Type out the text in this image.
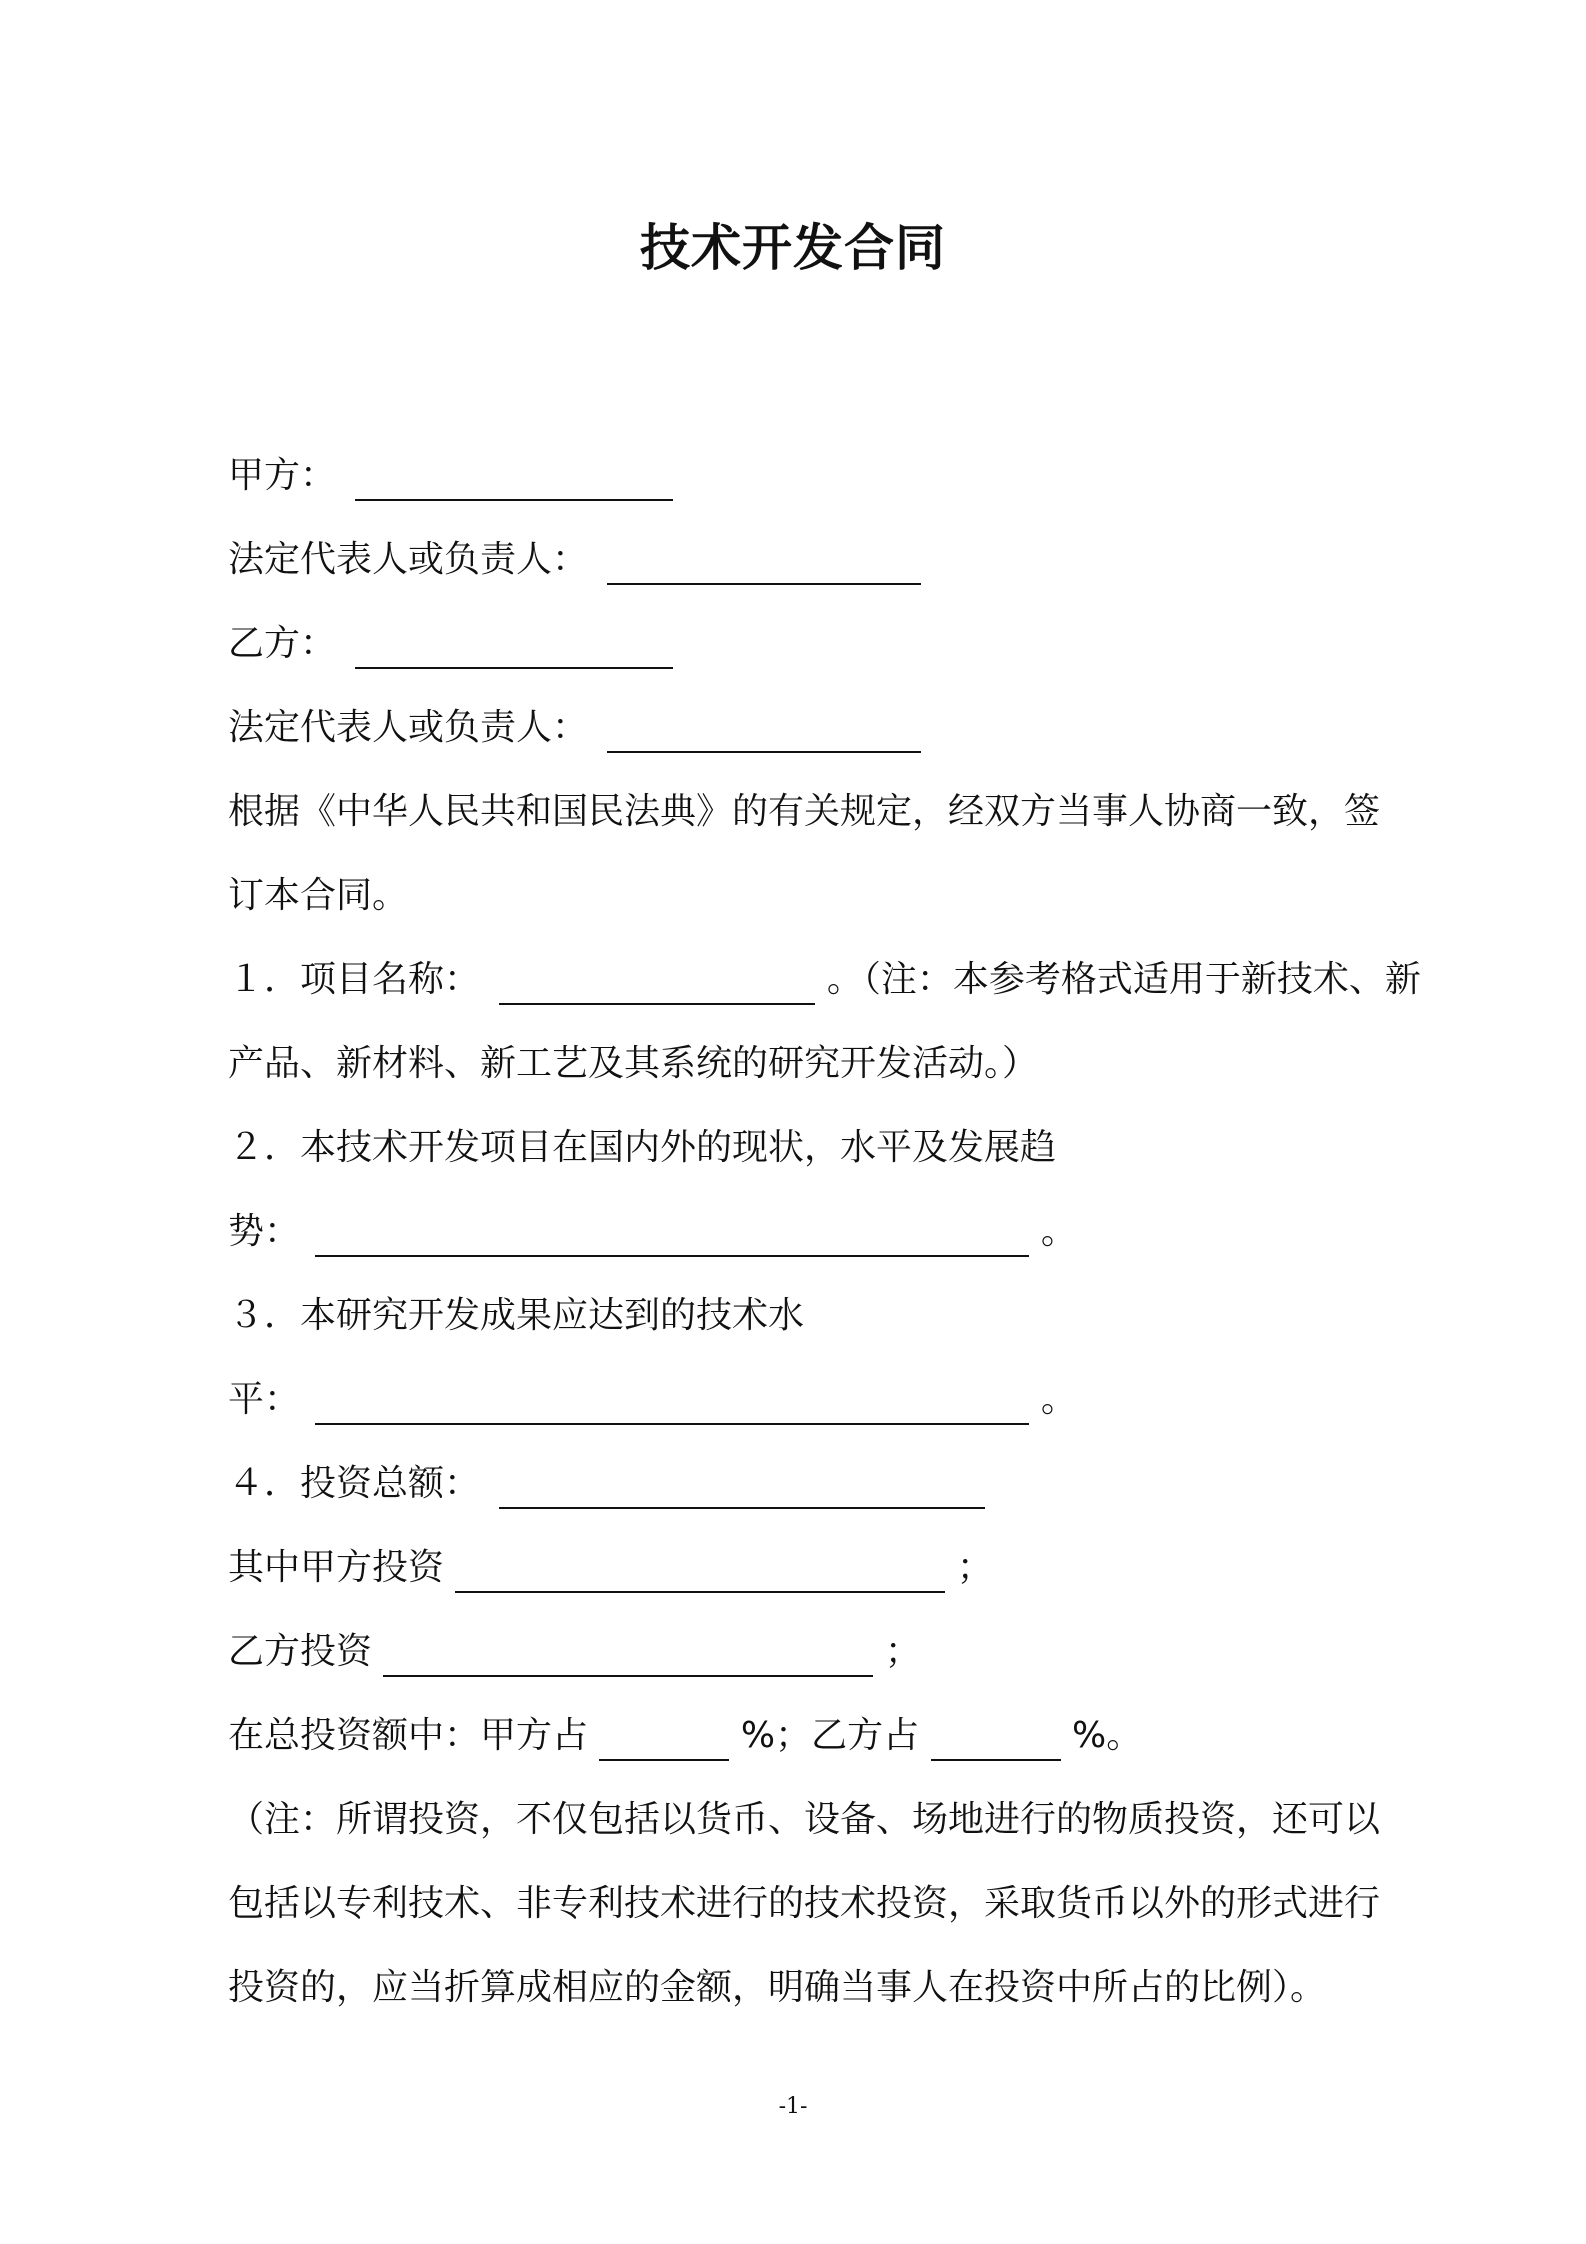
技术开发合同
甲方：
法定代表人或负责人：
乙方：
法定代表人或负责人：
根据《中华人民共和国民法典》的有关规定，经双方当事人协商一致，签
订本合同。
１．项目名称：	。（注：本参考格式适用于新技术、新
产品、新材料、新工艺及其系统的研究开发活动。）
２．本技术开发项目在国内外的现状，水平及发展趋
势：	。
３．本研究开发成果应达到的技术水
平：	。
４．投资总额：
其中甲方投资	；
乙方投资	；
在总投资额中：甲方占	%；乙方占	%。
（注：所谓投资，不仅包括以货币、设备、场地进行的物质投资，还可以
包括以专利技术、非专利技术进行的技术投资，采取货币以外的形式进行
投资的，应当折算成相应的金额，明确当事人在投资中所占的比例）。
-1-
